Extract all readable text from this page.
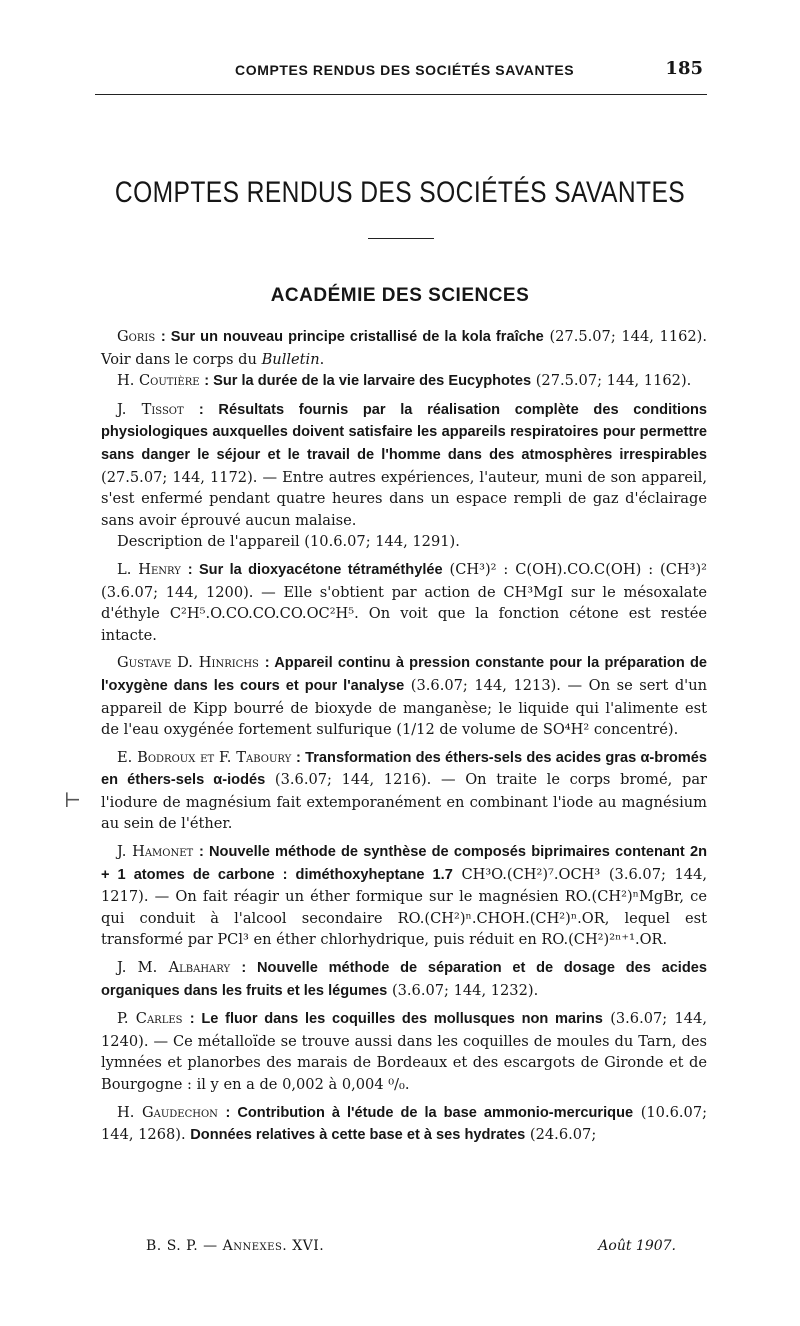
COMPTES RENDUS DES SOCIÉTÉS SAVANTES	185
COMPTES RENDUS DES SOCIÉTÉS SAVANTES
ACADÉMIE DES SCIENCES
⊢

Goris : Sur un nouveau principe cristallisé de la kola fraîche (27.5.07; 144, 1162). Voir dans le corps du Bulletin.

H. Coutière : Sur la durée de la vie larvaire des Eucyphotes (27.5.07; 144, 1162).

J. Tissot : Résultats fournis par la réalisation complète des conditions physiologiques auxquelles doivent satisfaire les appareils respiratoires pour permettre sans danger le séjour et le travail de l'homme dans des atmosphères irrespirables (27.5.07; 144, 1172). — Entre autres expériences, l'auteur, muni de son appareil, s'est enfermé pendant quatre heures dans un espace rempli de gaz d'éclairage sans avoir éprouvé aucun malaise.

Description de l'appareil (10.6.07; 144, 1291).

L. Henry : Sur la dioxyacétone tétraméthylée (CH³)² : C(OH).CO.C(OH) : (CH³)² (3.6.07; 144, 1200). — Elle s'obtient par action de CH³MgI sur le mésoxalate d'éthyle C²H⁵.O.CO.CO.CO.OC²H⁵. On voit que la fonction cétone est restée intacte.

Gustave D. Hinrichs : Appareil continu à pression constante pour la préparation de l'oxygène dans les cours et pour l'analyse (3.6.07; 144, 1213). — On se sert d'un appareil de Kipp bourré de bioxyde de manganèse; le liquide qui l'alimente est de l'eau oxygénée fortement sulfurique (1/12 de volume de SO⁴H² concentré).

E. Bodroux et F. Taboury : Transformation des éthers-sels des acides gras α-bromés en éthers-sels α-iodés (3.6.07; 144, 1216). — On traite le corps bromé, par l'iodure de magnésium fait extemporanément en combinant l'iode au magnésium au sein de l'éther.

J. Hamonet : Nouvelle méthode de synthèse de composés biprimaires contenant 2n + 1 atomes de carbone : diméthoxyheptane 1.7 CH³O.(CH²)⁷.OCH³ (3.6.07; 144, 1217). — On fait réagir un éther formique sur le magnésien RO.(CH²)ⁿMgBr, ce qui conduit à l'alcool secondaire RO.(CH²)ⁿ.CHOH.(CH²)ⁿ.OR, lequel est transformé par PCl³ en éther chlorhydrique, puis réduit en RO.(CH²)²ⁿ⁺¹.OR.

J. M. Albahary : Nouvelle méthode de séparation et de dosage des acides organiques dans les fruits et les légumes (3.6.07; 144, 1232).

P. Carles : Le fluor dans les coquilles des mollusques non marins (3.6.07; 144, 1240). — Ce métalloïde se trouve aussi dans les coquilles de moules du Tarn, des lymnées et planorbes des marais de Bordeaux et des escargots de Gironde et de Bourgogne : il y en a de 0,002 à 0,004 ⁰/₀.

H. Gaudechon : Contribution à l'étude de la base ammonio-mercurique (10.6.07; 144, 1268). Données relatives à cette base et à ses hydrates (24.6.07;

B. S. P. — Annexes. XVI.	Août 1907.
